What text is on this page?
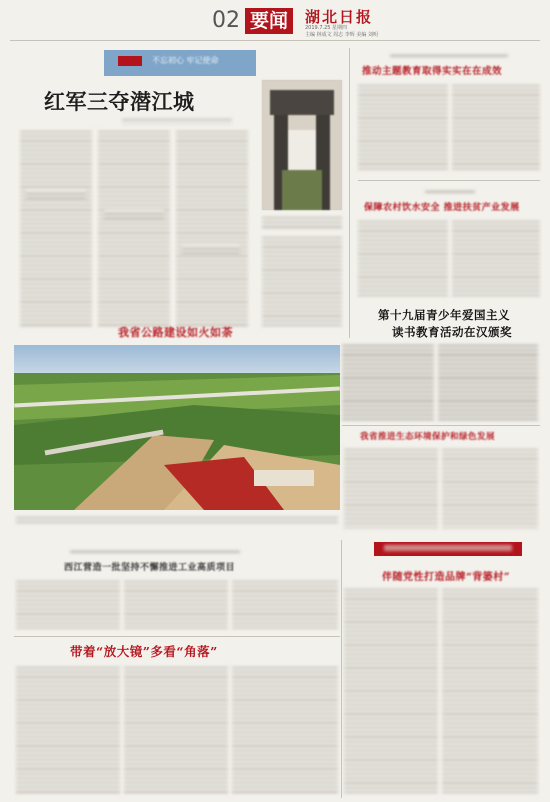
02 要闻	湖北日报
2019.7.25 星期四
主编 林成文 周志 李辉 美编 刘明
不忘初心 牢记使命
红军三夺潜江城
推动主题教育取得实实在在成效
保障农村饮水安全 推进扶贫产业发展
第十九届青少年爱国主义
读书教育活动在汉颁奖
我省公路建设如火如荼
我省推进生态环境保护和绿色发展
西江营造一批坚持不懈推进工业高质项目
带着“放大镜”多看“角落”
伴随党性打造品牌“背篓村”
